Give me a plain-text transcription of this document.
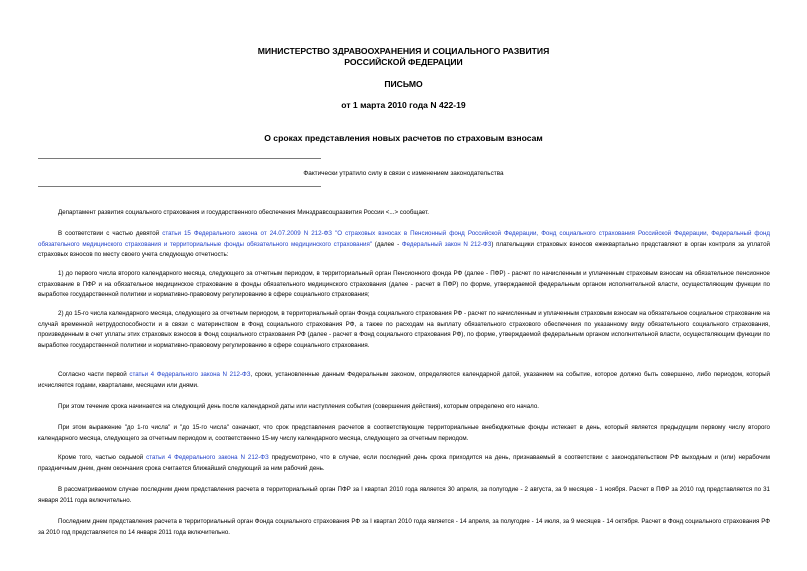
МИНИСТЕРСТВО ЗДРАВООХРАНЕНИЯ И СОЦИАЛЬНОГО РАЗВИТИЯ
РОССИЙСКОЙ ФЕДЕРАЦИИ
ПИСЬМО
от 1 марта 2010 года N 422-19
О сроках представления новых расчетов по страховым взносам
Фактически утратило силу в связи с изменением законодательства
Департамент развития социального страхования и государственного обеспечения Минздравсоцразвития России <...> сообщает.
В соответствии с частью девятой статьи 15 Федерального закона от 24.07.2009 N 212-ФЗ "О страховых взносах в Пенсионный фонд Российской Федерации, Фонд социального страхования Российской Федерации, Федеральный фонд обязательного медицинского страхования и территориальные фонды обязательного медицинского страхования" (далее - Федеральный закон N 212-ФЗ) плательщики страховых взносов ежеквартально представляют в орган контроля за уплатой страховых взносов по месту своего учета следующую отчетность:
1) до первого числа второго календарного месяца, следующего за отчетным периодом, в территориальный орган Пенсионного фонда РФ (далее - ПФР) - расчет по начисленным и уплаченным страховым взносам на обязательное пенсионное страхование в ПФР и на обязательное медицинское страхование в фонды обязательного медицинского страхования (далее - расчет в ПФР) по форме, утверждаемой федеральным органом исполнительной власти, осуществляющим функции по выработке государственной политики и нормативно-правовому регулированию в сфере социального страхования;
2) до 15-го числа календарного месяца, следующего за отчетным периодом, в территориальный орган Фонда социального страхования РФ - расчет по начисленным и уплаченным страховым взносам на обязательное социальное страхование на случай временной нетрудоспособности и в связи с материнством в Фонд социального страхования РФ, а также по расходам на выплату обязательного страхового обеспечения по указанному виду обязательного социального страхования, произведенным в счет уплаты этих страховых взносов в Фонд социального страхования РФ (далее - расчет в Фонд социального страхования РФ), по форме, утверждаемой федеральным органом исполнительной власти, осуществляющим функции по выработке государственной политики и нормативно-правовому регулированию в сфере социального страхования.
Согласно части первой статьи 4 Федерального закона N 212-ФЗ, сроки, установленные данным Федеральным законом, определяются календарной датой, указанием на событие, которое должно быть совершено, либо периодом, который исчисляется годами, кварталами, месяцами или днями.
При этом течение срока начинается на следующий день после календарной даты или наступления события (совершения действия), которым определено его начало.
При этом выражение "до 1-го числа" и "до 15-го числа" означают, что срок представления расчетов в соответствующие территориальные внебюджетные фонды истекает в день, который является предыдущим первому числу второго календарного месяца, следующего за отчетным периодом и, соответственно 15-му числу календарного месяца, следующего за отчетным периодом.
Кроме того, частью седьмой статьи 4 Федерального закона N 212-ФЗ предусмотрено, что в случае, если последний день срока приходится на день, признаваемый в соответствии с законодательством РФ выходным и (или) нерабочим праздничным днем, днем окончания срока считается ближайший следующий за ним рабочий день.
В рассматриваемом случае последним днем представления расчета в территориальный орган ПФР за I квартал 2010 года является 30 апреля, за полугодие - 2 августа, за 9 месяцев - 1 ноября. Расчет в ПФР за 2010 год представляется по 31 января 2011 года включительно.
Последним днем представления расчета в территориальный орган Фонда социального страхования РФ за I квартал 2010 года является - 14 апреля, за полугодие - 14 июля, за 9 месяцев - 14 октября. Расчет в Фонд социального страхования РФ за 2010 год представляется по 14 января 2011 года включительно.
